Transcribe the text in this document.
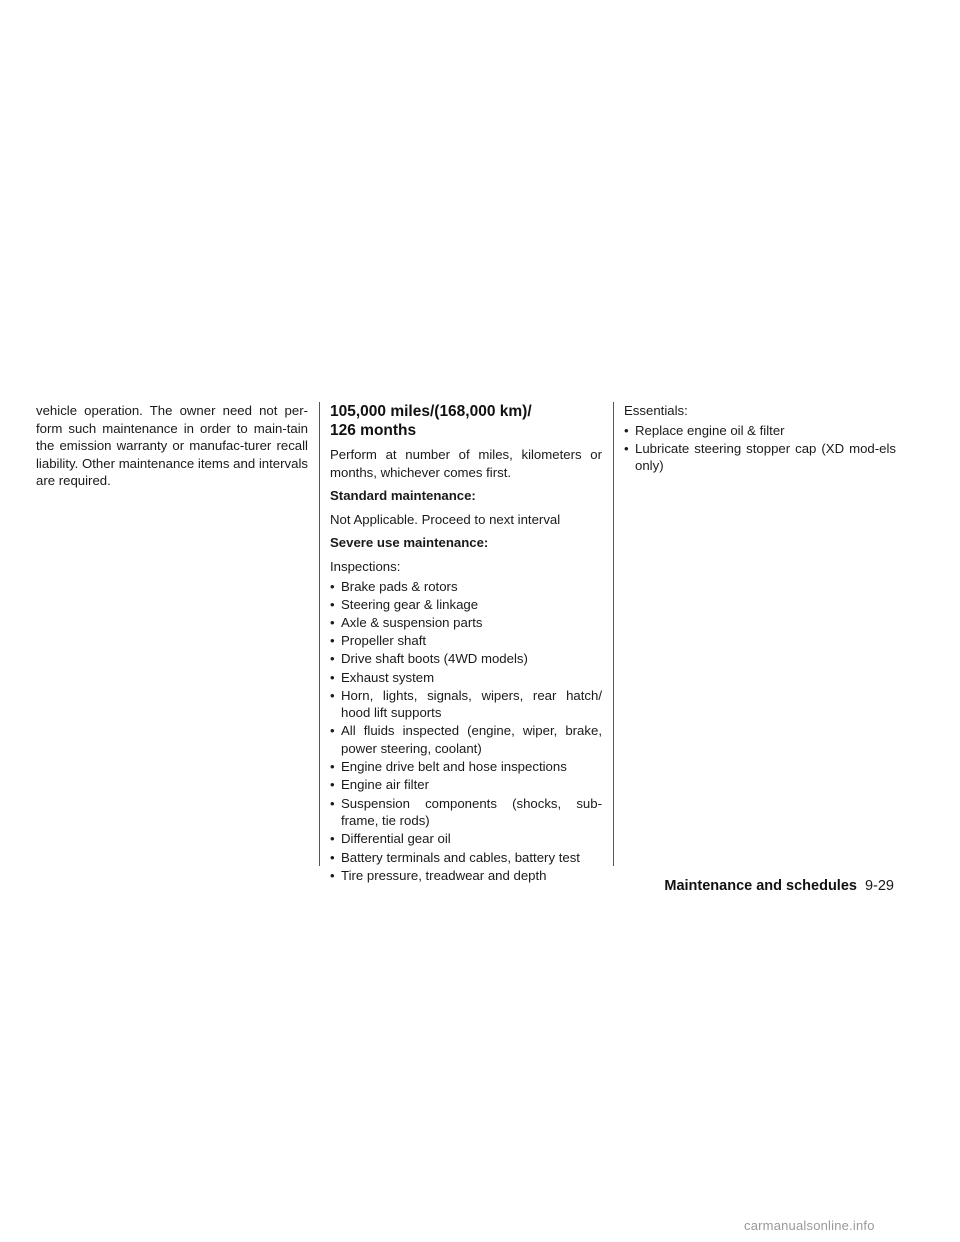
vehicle operation. The owner need not per-form such maintenance in order to main-tain the emission warranty or manufac-turer recall liability. Other maintenance items and intervals are required.

105,000 miles/(168,000 km)/
126 months

Perform at number of miles, kilometers or months, whichever comes first.

Standard maintenance:

Not Applicable. Proceed to next interval

Severe use maintenance:

Inspections:

• Brake pads & rotors
• Steering gear & linkage
• Axle & suspension parts
• Propeller shaft
• Drive shaft boots (4WD models)
• Exhaust system
• Horn, lights, signals, wipers, rear hatch/ hood lift supports
• All fluids inspected (engine, wiper, brake, power steering, coolant)
• Engine drive belt and hose inspections
• Engine air filter
• Suspension components (shocks, sub-frame, tie rods)
• Differential gear oil
• Battery terminals and cables, battery test
• Tire pressure, treadwear and depth

Essentials:

• Replace engine oil & filter
• Lubricate steering stopper cap (XD mod-els only)
Maintenance and schedules 9-29
carmanualsonline.info
